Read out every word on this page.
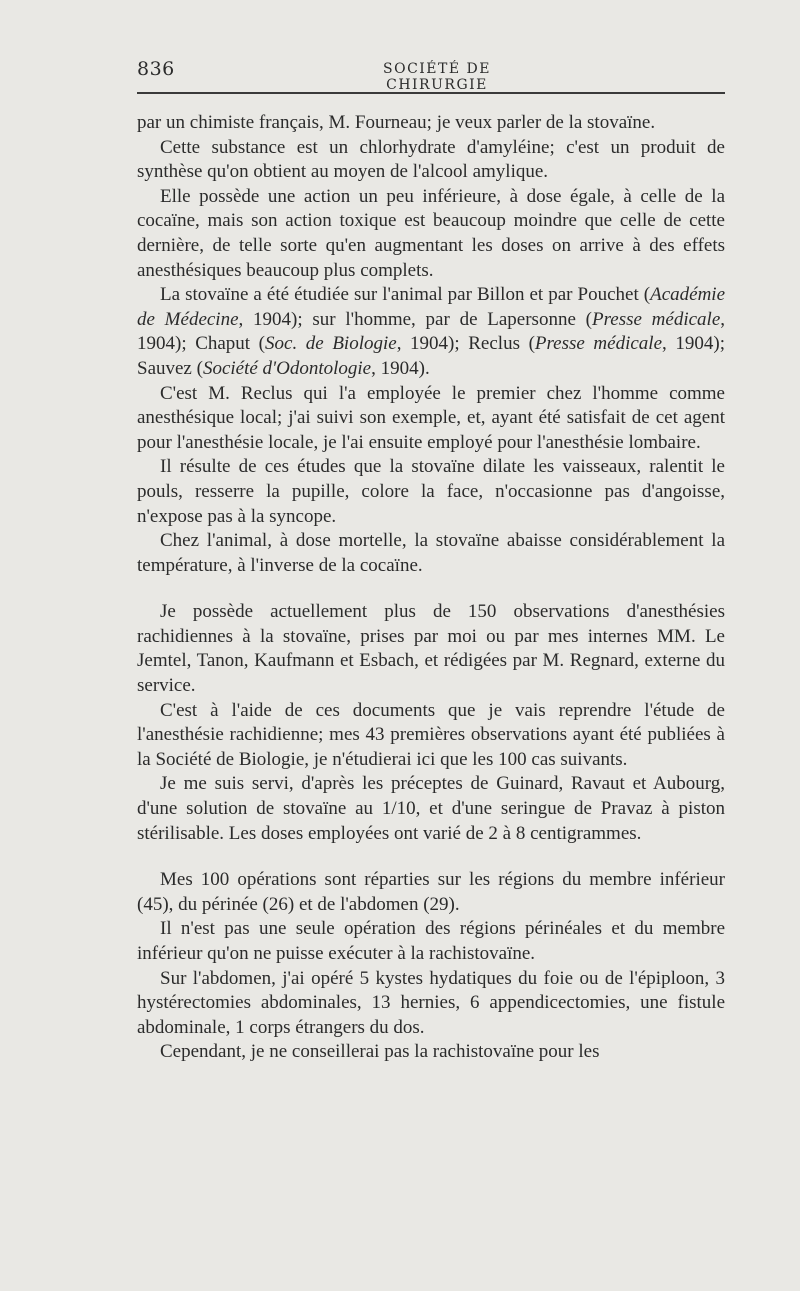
836	SOCIÉTÉ DE CHIRURGIE

par un chimiste français, M. Fourneau; je veux parler de la stovaïne.

Cette substance est un chlorhydrate d'amyléine; c'est un produit de synthèse qu'on obtient au moyen de l'alcool amylique.

Elle possède une action un peu inférieure, à dose égale, à celle de la cocaïne, mais son action toxique est beaucoup moindre que celle de cette dernière, de telle sorte qu'en augmentant les doses on arrive à des effets anesthésiques beaucoup plus complets.

La stovaïne a été étudiée sur l'animal par Billon et par Pouchet (Académie de Médecine, 1904); sur l'homme, par de Lapersonne (Presse médicale, 1904); Chaput (Soc. de Biologie, 1904); Reclus (Presse médicale, 1904); Sauvez (Société d'Odontologie, 1904).

C'est M. Reclus qui l'a employée le premier chez l'homme comme anesthésique local; j'ai suivi son exemple, et, ayant été satisfait de cet agent pour l'anesthésie locale, je l'ai ensuite employé pour l'anesthésie lombaire.

Il résulte de ces études que la stovaïne dilate les vaisseaux, ralentit le pouls, resserre la pupille, colore la face, n'occasionne pas d'angoisse, n'expose pas à la syncope.

Chez l'animal, à dose mortelle, la stovaïne abaisse considérablement la température, à l'inverse de la cocaïne.

Je possède actuellement plus de 150 observations d'anesthésies rachidiennes à la stovaïne, prises par moi ou par mes internes MM. Le Jemtel, Tanon, Kaufmann et Esbach, et rédigées par M. Regnard, externe du service.

C'est à l'aide de ces documents que je vais reprendre l'étude de l'anesthésie rachidienne; mes 43 premières observations ayant été publiées à la Société de Biologie, je n'étudierai ici que les 100 cas suivants.

Je me suis servi, d'après les préceptes de Guinard, Ravaut et Aubourg, d'une solution de stovaïne au 1/10, et d'une seringue de Pravaz à piston stérilisable. Les doses employées ont varié de 2 à 8 centigrammes.

Mes 100 opérations sont réparties sur les régions du membre inférieur (45), du périnée (26) et de l'abdomen (29).

Il n'est pas une seule opération des régions périnéales et du membre inférieur qu'on ne puisse exécuter à la rachistovaïne.

Sur l'abdomen, j'ai opéré 5 kystes hydatiques du foie ou de l'épiploon, 3 hystérectomies abdominales, 13 hernies, 6 appendicectomies, une fistule abdominale, 1 corps étrangers du dos.

Cependant, je ne conseillerai pas la rachistovaïne pour les
